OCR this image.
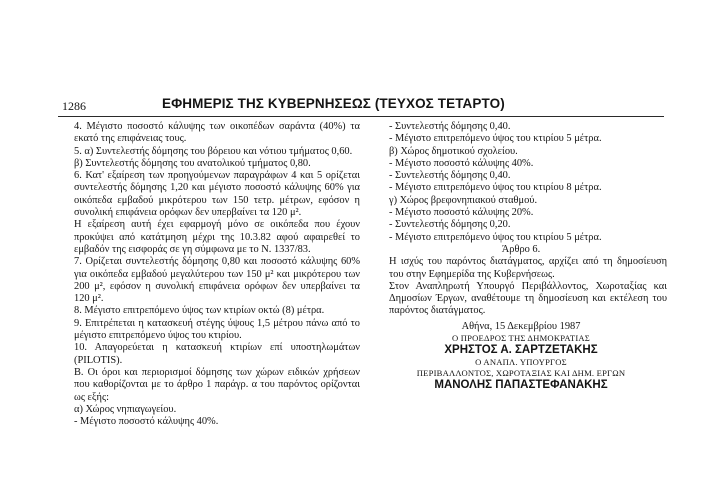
1286	ΕΦΗΜΕΡΙΣ ΤΗΣ ΚΥΒΕΡΝΗΣΕΩΣ (ΤΕΥΧΟΣ ΤΕΤΑΡΤΟ)

4. Μέγιστο ποσοστό κάλυψης των οικοπέδων σαράντα (40%) τα εκατό της επιφάνειας τους.

5. α) Συντελεστής δόμησης του βόρειου και νότιου τμήματος 0,60.

β) Συντελεστής δόμησης του ανατολικού τμήματος 0,80.

6. Κατ' εξαίρεση των προηγούμενων παραγράφων 4 και 5 ορίζεται συντελεστής δόμησης 1,20 και μέγιστο ποσοστό κάλυψης 60% για οικόπεδα εμβαδού μικρότερου των 150 τετρ. μέτρων, εφόσον η συνολική επιφάνεια ορόφων δεν υπερβαίνει τα 120 μ².

Η εξαίρεση αυτή έχει εφαρμογή μόνο σε οικόπεδα που έχουν προκύψει από κατάτμηση μέχρι της 10.3.82 αφού αφαιρεθεί το εμβαδόν της εισφοράς σε γη σύμφωνα με το Ν. 1337/83.

7. Ορίζεται συντελεστής δόμησης 0,80 και ποσοστό κάλυψης 60% για οικόπεδα εμβαδού μεγαλύτερου των 150 μ² και μικρότερου των 200 μ², εφόσον η συνολική επιφάνεια ορόφων δεν υπερβαίνει τα 120 μ².

8. Μέγιστο επιτρεπόμενο ύψος των κτιρίων οκτώ (8) μέτρα.

9. Επιτρέπεται η κατασκευή στέγης ύψους 1,5 μέτρου πάνω από το μέγιστο επιτρεπόμενο ύψος του κτιρίου.

10. Απαγορεύεται η κατασκευή κτιρίων επί υποστηλωμάτων (PILOTIS).

Β. Οι όροι και περιορισμοί δόμησης των χώρων ειδικών χρήσεων που καθορίζονται με το άρθρο 1 παράγρ. α του παρόντος ορίζονται ως εξής:

α) Χώρος νηπιαγωγείου.

- Μέγιστο ποσοστό κάλυψης 40%.

- Συντελεστής δόμησης 0,40.

- Μέγιστο επιτρεπόμενο ύψος του κτιρίου 5 μέτρα.

β) Χώρος δημοτικού σχολείου.

- Μέγιστο ποσοστό κάλυψης 40%.

- Συντελεστής δόμησης 0,40.

- Μέγιστο επιτρεπόμενο ύψος του κτιρίου 8 μέτρα.

γ) Χώρος βρεφονηπιακού σταθμού.

- Μέγιστο ποσοστό κάλυψης 20%.

- Συντελεστής δόμησης 0,20.

- Μέγιστο επιτρεπόμενο ύψος του κτιρίου 5 μέτρα.

Άρθρο 6.

Η ισχύς του παρόντος διατάγματος, αρχίζει από τη δημοσίευση του στην Εφημερίδα της Κυβερνήσεως.

Στον Αναπληρωτή Υπουργό Περιβάλλοντος, Χωροταξίας και Δημοσίων Έργων, αναθέτουμε τη δημοσίευση και εκτέλεση του παρόντος διατάγματος.

Αθήνα, 15 Δεκεμβρίου 1987

Ο ΠΡΟΕΔΡΟΣ ΤΗΣ ΔΗΜΟΚΡΑΤΙΑΣ

ΧΡΗΣΤΟΣ Α. ΣΑΡΤΖΕΤΑΚΗΣ

Ο ΑΝΑΠΛ. ΥΠΟΥΡΓΟΣ

ΠΕΡΙΒΑΛΛΟΝΤΟΣ, ΧΩΡΟΤΑΞΙΑΣ ΚΑΙ ΔΗΜ. ΕΡΓΩΝ

ΜΑΝΟΛΗΣ ΠΑΠΑΣΤΕΦΑΝΑΚΗΣ
